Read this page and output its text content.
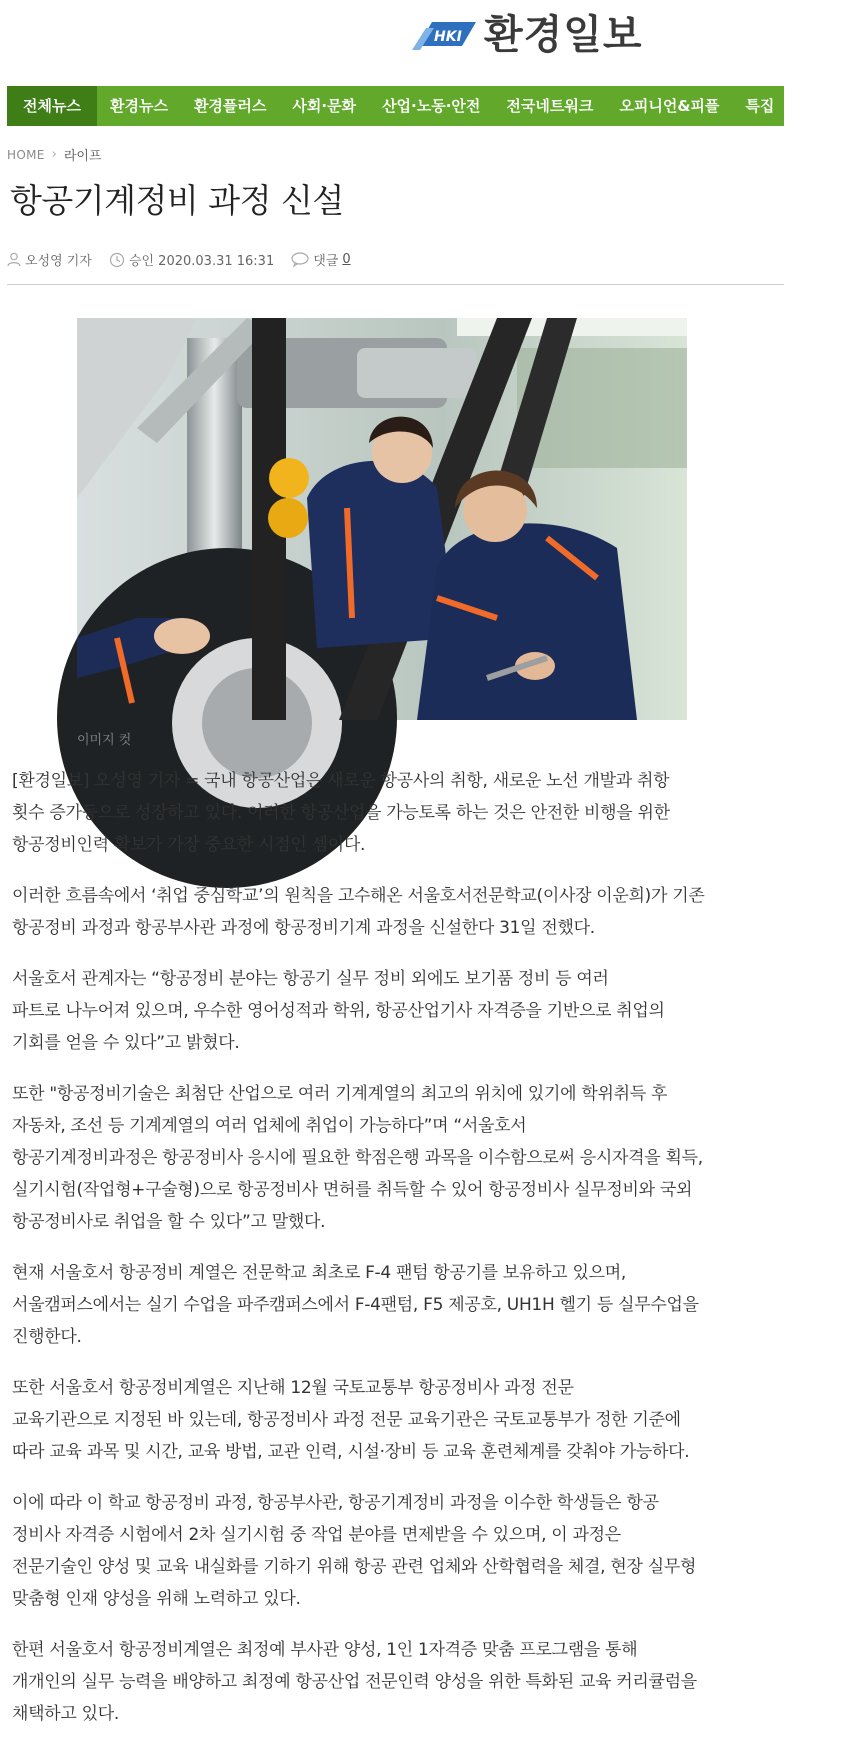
HKI 환경일보
전체뉴스	환경뉴스	환경플러스	사회·문화	산업·노동·안전	전국네트워크	오피니언&피플	특집	환경
HOME › 라이프
항공기계정비 과정 신설
오성영 기자	승인 2020.03.31 16:31	댓글 0
이미지 컷

[환경일보] 오성영 기자 = 국내 항공산업은 새로운 항공사의 취항, 새로운 노선 개발과 취항
횟수 증가등으로 성장하고 있다. 이러한 항공산업을 가능토록 하는 것은 안전한 비행을 위한
항공정비인력 확보가 가장 중요한 시점인 셈이다.

이러한 흐름속에서 ‘취업 중심학교’의 원칙을 고수해온 서울호서전문학교(이사장 이운희)가 기존
항공정비 과정과 항공부사관 과정에 항공정비기계 과정을 신설한다 31일 전했다.

서울호서 관계자는 “항공정비 분야는 항공기 실무 정비 외에도 보기품 정비 등 여러
파트로 나누어져 있으며, 우수한 영어성적과 학위, 항공산업기사 자격증을 기반으로 취업의
기회를 얻을 수 있다”고 밝혔다.

또한 "항공정비기술은 최첨단 산업으로 여러 기계계열의 최고의 위치에 있기에 학위취득 후
자동차, 조선 등 기계계열의 여러 업체에 취업이 가능하다”며 “서울호서
항공기계정비과정은 항공정비사 응시에 필요한 학점은행 과목을 이수함으로써 응시자격을 획득,
실기시험(작업형+구술형)으로 항공정비사 면허를 취득할 수 있어 항공정비사 실무정비와 국외
항공정비사로 취업을 할 수 있다”고 말했다.

현재 서울호서 항공정비 계열은 전문학교 최초로 F-4 팬텀 항공기를 보유하고 있으며,
서울캠퍼스에서는 실기 수업을 파주캠퍼스에서 F-4팬텀, F5 제공호, UH1H 헬기 등 실무수업을
진행한다.

또한 서울호서 항공정비계열은 지난해 12월 국토교통부 항공정비사 과정 전문
교육기관으로 지정된 바 있는데, 항공정비사 과정 전문 교육기관은 국토교통부가 정한 기준에
따라 교육 과목 및 시간, 교육 방법, 교관 인력, 시설·장비 등 교육 훈련체계를 갖춰야 가능하다.

이에 따라 이 학교 항공정비 과정, 항공부사관, 항공기계정비 과정을 이수한 학생들은 항공
정비사 자격증 시험에서 2차 실기시험 중 작업 분야를 면제받을 수 있으며, 이 과정은
전문기술인 양성 및 교육 내실화를 기하기 위해 항공 관련 업체와 산학협력을 체결, 현장 실무형
맞춤형 인재 양성을 위해 노력하고 있다.

한편 서울호서 항공정비계열은 최정예 부사관 양성, 1인 1자격증 맞춤 프로그램을 통해
개개인의 실무 능력을 배양하고 최정예 항공산업 전문인력 양성을 위한 특화된 교육 커리큘럼을
채택하고 있다.
